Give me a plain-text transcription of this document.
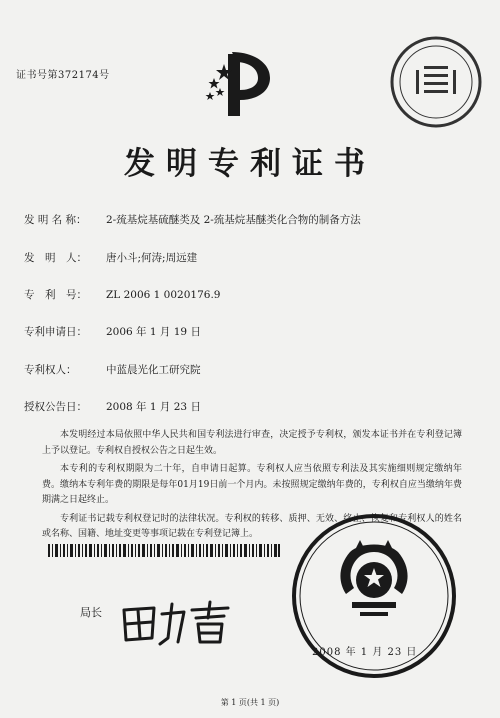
证书号第372174号
发明专利证书
发 明 名 称： 2-巯基烷基硫醚类及 2-巯基烷基醚类化合物的制备方法
发　明　人： 唐小斗;何涛;周远建
专　利　号： ZL 2006 1 0020176.9
专利申请日： 2006 年 1 月 19 日
专利权人：	中蓝晨光化工研究院
授权公告日： 2008 年 1 月 23 日

本发明经过本局依照中华人民共和国专利法进行审查，决定授予专利权，颁发本证书并在专利登记簿上予以登记。专利权自授权公告之日起生效。

本专利的专利权期限为二十年，自申请日起算。专利权人应当依照专利法及其实施细则规定缴纳年费。缴纳本专利年费的期限是每年01月19日前一个月内。未按照规定缴纳年费的，专利权自应当缴纳年费期满之日起终止。

专利证书记载专利权登记时的法律状况。专利权的转移、质押、无效、终止、恢复和专利权人的姓名或名称、国籍、地址变更等事项记载在专利登记簿上。

局长
2008 年 1 月 23 日
第 1 页(共 1 页)
